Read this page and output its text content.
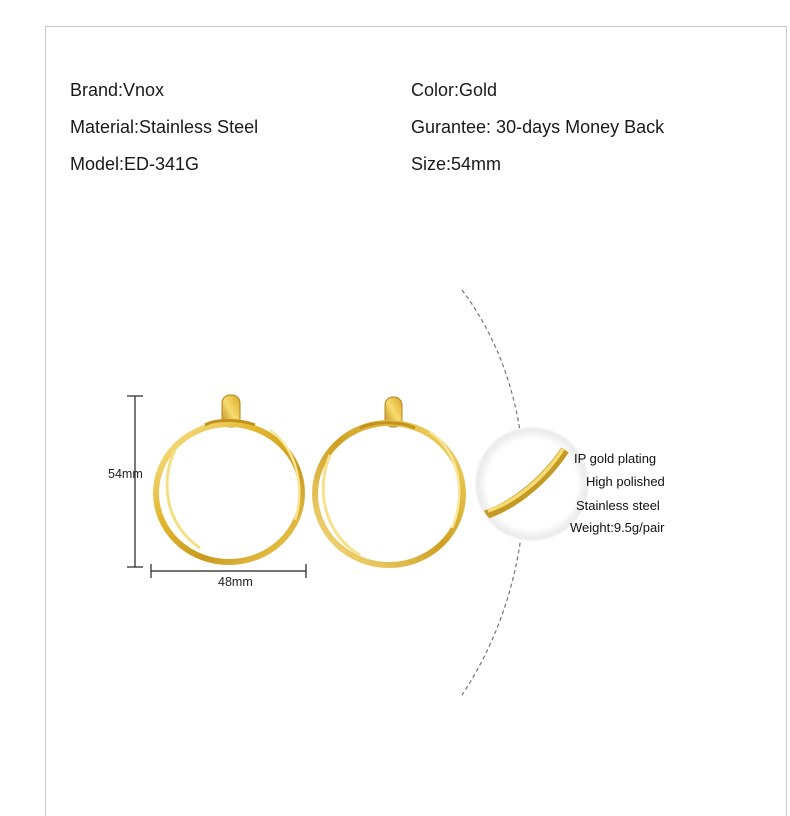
Brand:Vnox
Material:Stainless Steel
Model:ED-341G
Color:Gold
Gurantee: 30-days Money Back
Size:54mm
54mm
48mm
IP gold plating
High polished
Stainless steel
Weight:9.5g/pair
